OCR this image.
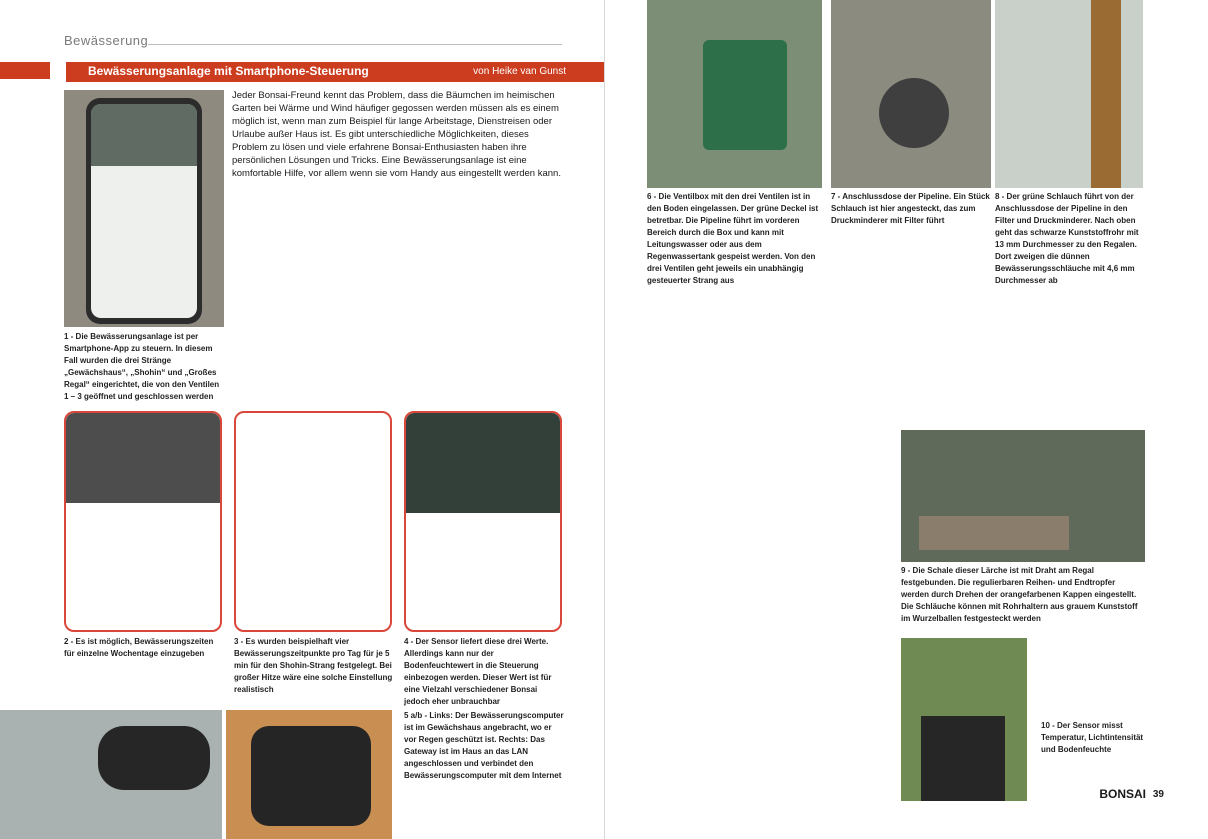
Bewässerung
Bewässerungsanlage mit Smartphone-Steuerung	von Heike van Gunst
1 - Die Bewässerungsanlage ist per Smartphone-App zu steuern. In diesem Fall wurden die drei Stränge „Gewächshaus“, „Shohin“ und „Großes Regal“ eingerichtet, die von den Ventilen 1 – 3 geöffnet und geschlossen werden
Jeder Bonsai-Freund kennt das Problem, dass die Bäumchen im heimischen Garten bei Wärme und Wind häufiger gegossen werden müssen als es einem möglich ist, wenn man zum Beispiel für lange Arbeitstage, Dienstreisen oder Urlaube außer Haus ist. Es gibt unterschiedliche Möglichkeiten, dieses Problem zu lösen und viele erfahrene Bonsai-Enthusiasten haben ihre persönlichen Lösungen und Tricks. Eine Bewässerungsanlage ist eine komfortable Hilfe, vor allem wenn sie vom Handy aus eingestellt werden kann.
2 - Es ist möglich, Bewässerungszeiten für einzelne Wochentage einzugeben
3 - Es wurden beispielhaft vier Bewässerungszeitpunkte pro Tag für je 5 min für den Shohin-Strang festgelegt. Bei großer Hitze wäre eine solche Einstellung realistisch
4 - Der Sensor liefert diese drei Werte. Allerdings kann nur der Bodenfeuchtewert in die Steuerung einbezogen werden. Dieser Wert ist für eine Vielzahl verschiedener Bonsai jedoch eher unbrauchbar
5 a/b - Links: Der Bewässerungscomputer ist im Gewächshaus angebracht, wo er vor Regen geschützt ist. Rechts: Das Gateway ist im Haus an das LAN angeschlossen und verbindet den Bewässerungscomputer mit dem Internet
6 - Die Ventilbox mit den drei Ventilen ist in den Boden eingelassen. Der grüne Deckel ist betretbar. Die Pipeline führt im vorderen Bereich durch die Box und kann mit Leitungswasser oder aus dem Regenwassertank gespeist werden. Von den drei Ventilen geht jeweils ein unabhängig gesteuerter Strang aus
7 - Anschlussdose der Pipeline. Ein Stück Schlauch ist hier angesteckt, das zum Druckminderer mit Filter führt
8 - Der grüne Schlauch führt von der Anschlussdose der Pipeline in den Filter und Druckminderer. Nach oben geht das schwarze Kunststoffrohr mit 13 mm Durchmesser zu den Regalen. Dort zweigen die dünnen Bewässerungsschläuche mit 4,6 mm Durchmesser ab
9 - Die Schale dieser Lärche ist mit Draht am Regal festgebunden. Die regulierbaren Reihen- und Endtropfer werden durch Drehen der orangefarbenen Kappen eingestellt. Die Schläuche können mit Rohrhaltern aus grauem Kunststoff im Wurzelballen festgesteckt werden
10 - Der Sensor misst Temperatur, Lichtintensität und Bodenfeuchte
BONSAI 39
